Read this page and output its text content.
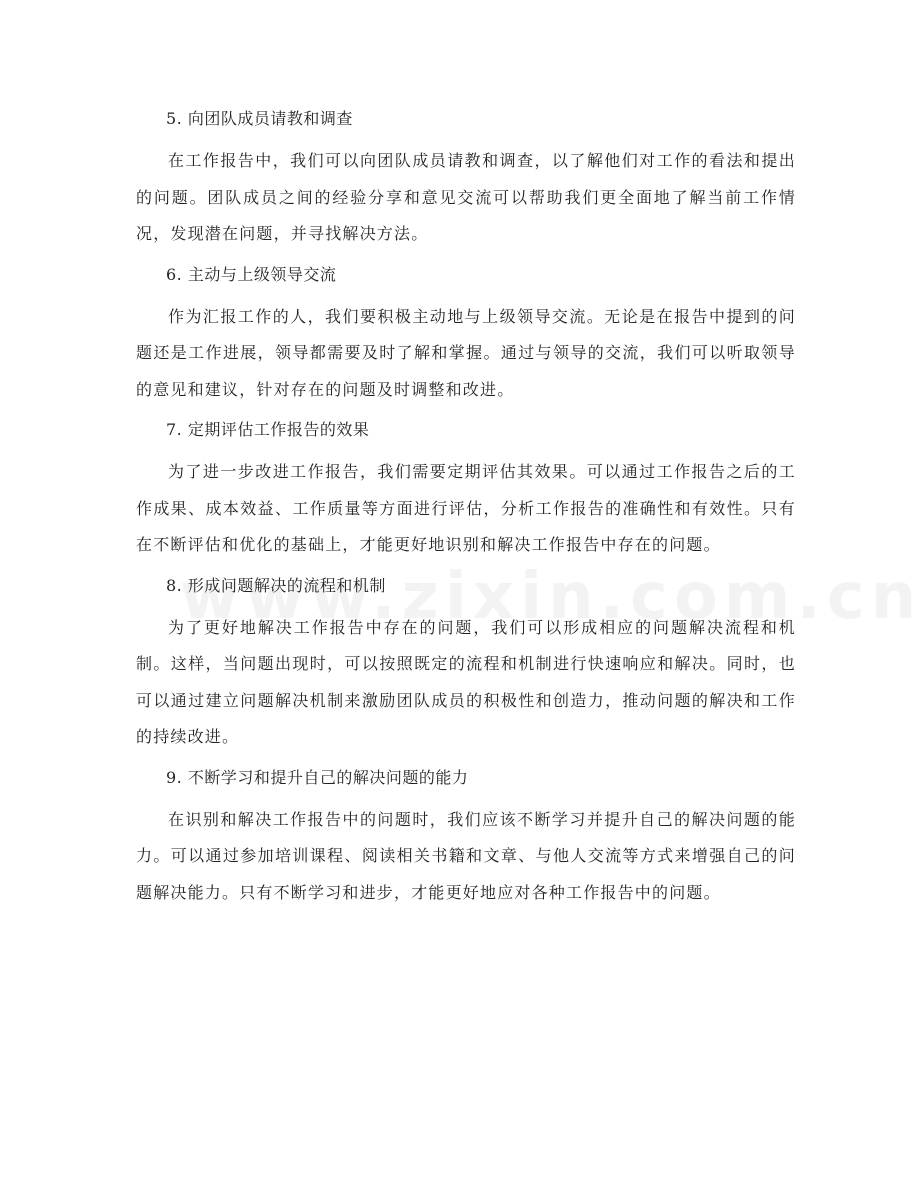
5. 向团队成员请教和调查

在工作报告中，我们可以向团队成员请教和调查，以了解他们对工作的看法和提出的问题。团队成员之间的经验分享和意见交流可以帮助我们更全面地了解当前工作情况，发现潜在问题，并寻找解决方法。

6. 主动与上级领导交流

作为汇报工作的人，我们要积极主动地与上级领导交流。无论是在报告中提到的问题还是工作进展，领导都需要及时了解和掌握。通过与领导的交流，我们可以听取领导的意见和建议，针对存在的问题及时调整和改进。

7. 定期评估工作报告的效果

为了进一步改进工作报告，我们需要定期评估其效果。可以通过工作报告之后的工作成果、成本效益、工作质量等方面进行评估，分析工作报告的准确性和有效性。只有在不断评估和优化的基础上，才能更好地识别和解决工作报告中存在的问题。

8. 形成问题解决的流程和机制

为了更好地解决工作报告中存在的问题，我们可以形成相应的问题解决流程和机制。这样，当问题出现时，可以按照既定的流程和机制进行快速响应和解决。同时，也可以通过建立问题解决机制来激励团队成员的积极性和创造力，推动问题的解决和工作的持续改进。

9. 不断学习和提升自己的解决问题的能力

在识别和解决工作报告中的问题时，我们应该不断学习并提升自己的解决问题的能力。可以通过参加培训课程、阅读相关书籍和文章、与他人交流等方式来增强自己的问题解决能力。只有不断学习和进步，才能更好地应对各种工作报告中的问题。
